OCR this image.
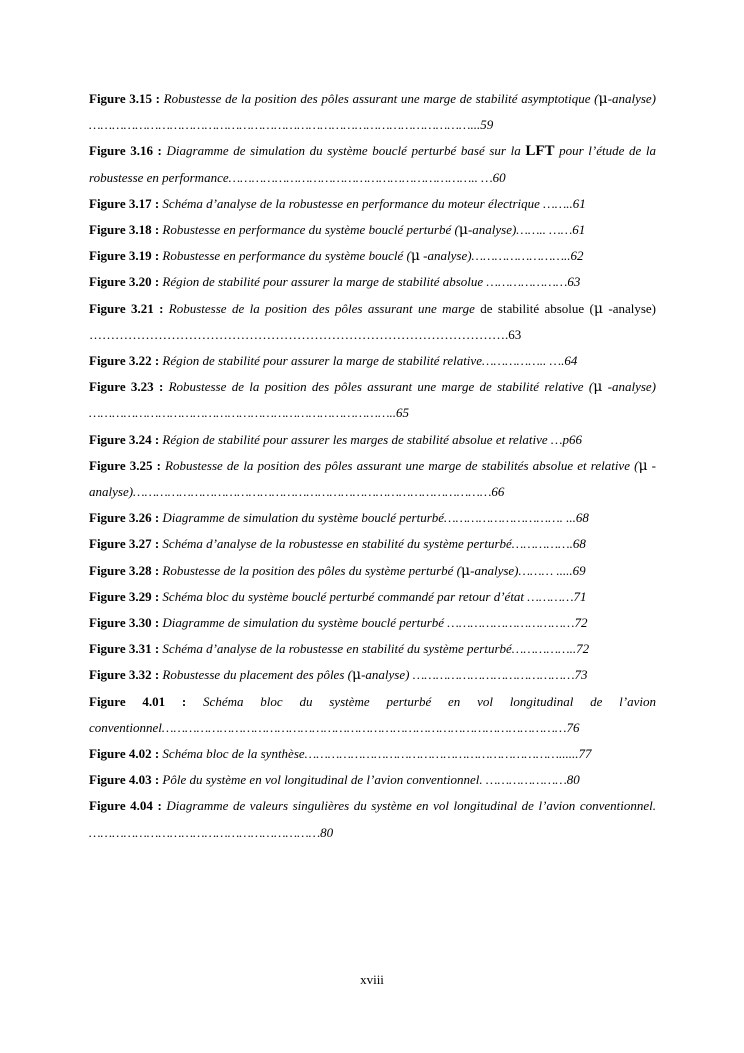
Figure 3.15 : Robustesse de la position des pôles assurant une marge de stabilité asymptotique (μ-analyse) ………………………………………………………………………………………...59

Figure 3.16 : Diagramme de simulation du système bouclé perturbé basé sur la LFT pour l’étude de la robustesse en performance……………………………………………………….. …60

Figure 3.17 : Schéma d’analyse de la robustesse en performance du moteur électrique ……..61

Figure 3.18 : Robustesse en performance du système bouclé perturbé (μ-analyse)…….. ……61

Figure 3.19 : Robustesse en performance du système bouclé (μ -analyse)……………………..62

Figure 3.20 : Région de stabilité pour assurer la marge de stabilité absolue …………………63

Figure 3.21 : Robustesse de la position des pôles assurant une marge de stabilité absolue (μ -analyse) …………………………………………………………………………………….63

Figure 3.22 : Région de stabilité pour assurer la marge de stabilité relative…………….. ….64

Figure 3.23 : Robustesse de la position des pôles assurant une marge de stabilité relative (μ -analyse) ……………………………………………………………………..65

Figure 3.24 : Région de stabilité pour assurer les marges de stabilité absolue et relative …p66

Figure 3.25 : Robustesse de la position des pôles assurant une marge de stabilités absolue et relative (μ - analyse)…………………………………………………………………………………66

Figure 3.26 : Diagramme de simulation du système bouclé perturbé…………………………. ...68

Figure 3.27 : Schéma d’analyse de la robustesse en stabilité du système perturbé…………….68

Figure 3.28 : Robustesse de la position des pôles du système perturbé (μ-analyse)……… .....69

Figure 3.29 : Schéma bloc du système bouclé perturbé commandé par retour d’état …………71

Figure 3.30 : Diagramme de simulation du système bouclé perturbé ……………………………72

Figure 3.31 : Schéma d’analyse de la robustesse en stabilité du système perturbé……………..72

Figure 3.32 : Robustesse du placement des pôles (μ-analyse) ……………………………………73

Figure 4.01 : Schéma bloc du système perturbé en vol longitudinal de l’avion conventionnel……………………………………………………………………………………………76

Figure 4.02 : Schéma bloc de la synthèse…………………………………………………………......77

Figure 4.03 : Pôle du système en vol longitudinal de l’avion conventionnel. …………………80

Figure 4.04 : Diagramme de valeurs singulières du système en vol longitudinal de l’avion conventionnel. ……………………………………………………80

xviii
